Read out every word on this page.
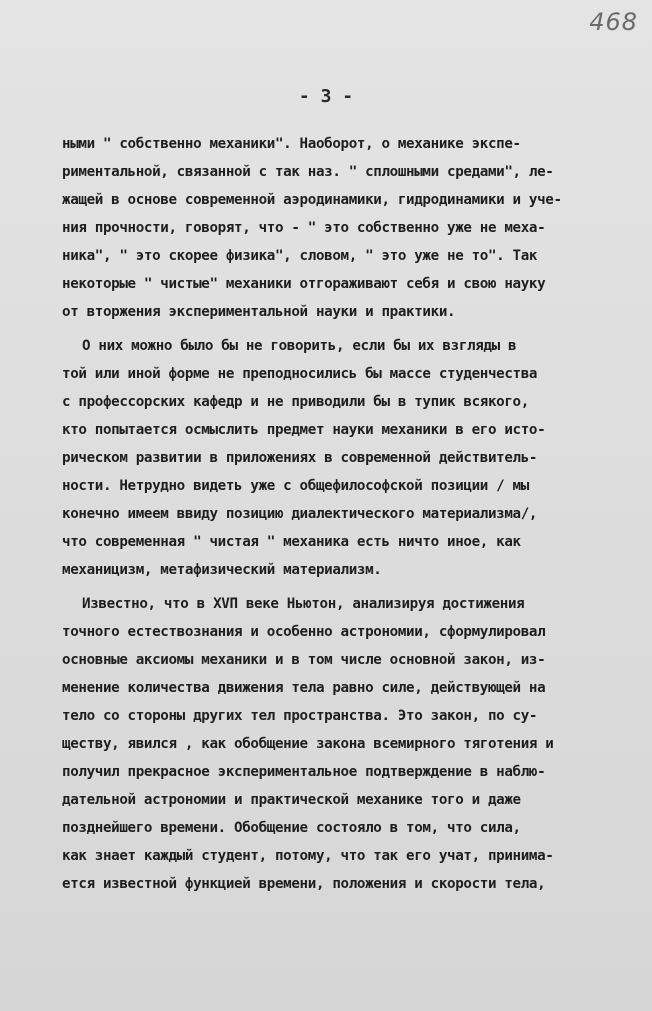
468
- 3 -
ными " собственно механики". Наоборот, о механике экспе-
риментальной, связанной с так наз. " сплошными средами", ле-
жащей в основе современной аэродинамики, гидродинамики и уче-
ния прочности, говорят, что - " это собственно уже не меха-
ника", " это скорее физика", словом, " это уже не то". Так
некоторые " чистые" механики отгораживают себя и свою науку
от вторжения экспериментальной науки и практики.
О них можно было бы не говорить, если бы их взгляды в
той или иной форме не преподносились бы массе студенчества
с профессорских кафедр и не приводили бы в тупик всякого,
кто попытается осмыслить предмет науки механики в его исто-
рическом развитии в приложениях в современной действитель-
ности. Нетрудно видеть уже с общефилософской позиции / мы
конечно имеем ввиду позицию диалектического материализма/,
что современная " чистая " механика есть ничто иное, как
механицизм, метафизический материализм.
Известно, что в XVП веке Ньютон, анализируя достижения
точного естествознания и особенно астрономии, сформулировал
основные аксиомы механики и в том числе основной закон, из-
менение количества движения тела равно силе, действующей на
тело со стороны других тел пространства. Это закон, по су-
ществу, явился , как обобщение закона всемирного тяготения и
получил прекрасное экспериментальное подтверждение в наблю-
дательной астрономии и практической механике того и даже
позднейшего времени. Обобщение состояло в том, что сила,
как знает каждый студент, потому, что так его учат, принима-
ется известной функцией времени, положения и скорости тела,
